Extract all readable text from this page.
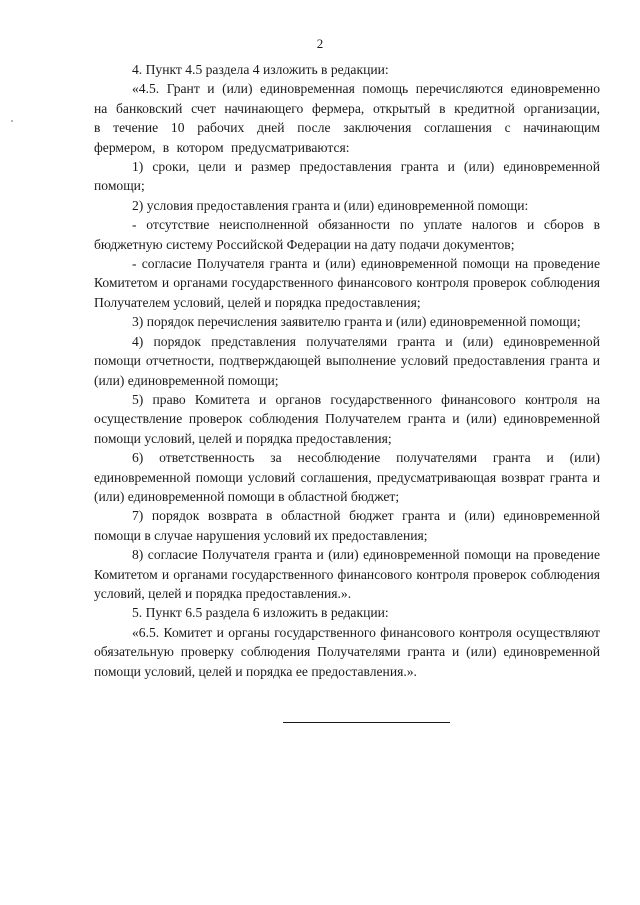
2

4. Пункт 4.5 раздела 4 изложить в редакции:

«4.5. Грант и (или) единовременная помощь перечисляются единовременно на банковский счет начинающего фермера, открытый в кредитной организации, в течение 10 рабочих дней после заключения соглашения с начинающим фермером, в котором предусматриваются:

1) сроки, цели и размер предоставления гранта и (или) единовременной помощи;

2) условия предоставления гранта и (или) единовременной помощи:

- отсутствие неисполненной обязанности по уплате налогов и сборов в бюджетную систему Российской Федерации на дату подачи документов;

- согласие Получателя гранта и (или) единовременной помощи на проведение Комитетом и органами государственного финансового контроля проверок соблюдения Получателем условий, целей и порядка предоставления;

3) порядок перечисления заявителю гранта и (или) единовременной помощи;

4) порядок представления получателями гранта и (или) единовременной помощи отчетности, подтверждающей выполнение условий предоставления гранта и (или) единовременной помощи;

5) право Комитета и органов государственного финансового контроля на осуществление проверок соблюдения Получателем гранта и (или) единовременной помощи условий, целей и порядка предоставления;

6) ответственность за несоблюдение получателями гранта и (или) единовременной помощи условий соглашения, предусматривающая возврат гранта и (или) единовременной помощи в областной бюджет;

7) порядок возврата в областной бюджет гранта и (или) единовременной помощи в случае нарушения условий их предоставления;

8) согласие Получателя гранта и (или) единовременной помощи на проведение Комитетом и органами государственного финансового контроля проверок соблюдения условий, целей и порядка предоставления.».

5. Пункт 6.5 раздела 6 изложить в редакции:

«6.5. Комитет и органы государственного финансового контроля осуществляют обязательную проверку соблюдения Получателями гранта и (или) единовременной помощи условий, целей и порядка ее предоставления.».
